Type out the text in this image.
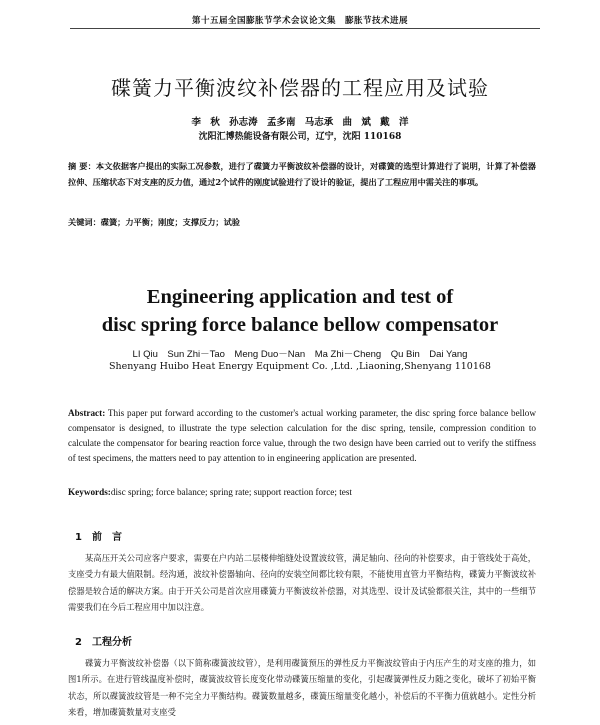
第十五届全国膨胀节学术会议论文集　膨胀节技术进展
碟簧力平衡波纹补偿器的工程应用及试验
李 秋 孙志涛 孟多南 马志承 曲 斌 戴 洋
沈阳汇博热能设备有限公司，辽宁，沈阳 110168
摘 要：本文依据客户提出的实际工况参数，进行了碟簧力平衡波纹补偿器的设计，对碟簧的选型计算进行了说明，计算了补偿器拉伸、压缩状态下对支座的反力值，通过2个试件的刚度试验进行了设计的验证，提出了工程应用中需关注的事项。
关键词：碟簧；力平衡；刚度；支撑反力；试验
Engineering application and test of
disc spring force balance bellow compensator
LI Qiu　Sun Zhi－Tao　Meng Duo－Nan　Ma Zhi－Cheng　Qu Bin　Dai Yang
Shenyang Huibo Heat Energy Equipment Co. ,Ltd. ,Liaoning,Shenyang 110168
Abstract: This paper put forward according to the customer's actual working parameter, the disc spring force balance bellow compensator is designed, to illustrate the type selection calculation for the disc spring, tensile, compression condition to calculate the compensator for bearing reaction force value, through the two design have been carried out to verify the stiffness of test specimens, the matters need to pay attention to in engineering application are presented.
Keywords:disc spring; force balance; spring rate; support reaction force; test
1　前　言
某高压开关公司应客户要求，需要在户内站二层楼伸缩缝处设置波纹管，满足轴向、径向的补偿要求，由于管线处于高处，支座受力有最大值限制。经沟通，波纹补偿器轴向、径向的安装空间都比较有限，不能使用直管力平衡结构，碟簧力平衡波纹补偿器是较合适的解决方案。由于开关公司是首次应用碟簧力平衡波纹补偿器，对其选型、设计及试验都很关注，其中的一些细节需要我们在今后工程应用中加以注意。
2　工程分析
碟簧力平衡波纹补偿器（以下简称碟簧波纹管），是利用碟簧预压的弹性反力平衡波纹管由于内压产生的对支座的推力，如图1所示。在进行管线温度补偿时，碟簧波纹管长度变化带动碟簧压缩量的变化，引起碟簧弹性反力随之变化，破坏了初始平衡状态，所以碟簧波纹管是一种不完全力平衡结构。碟簧数量越多，碟簧压缩量变化越小，补偿后的不平衡力值就越小。定性分析来看，增加碟簧数量对支座受
